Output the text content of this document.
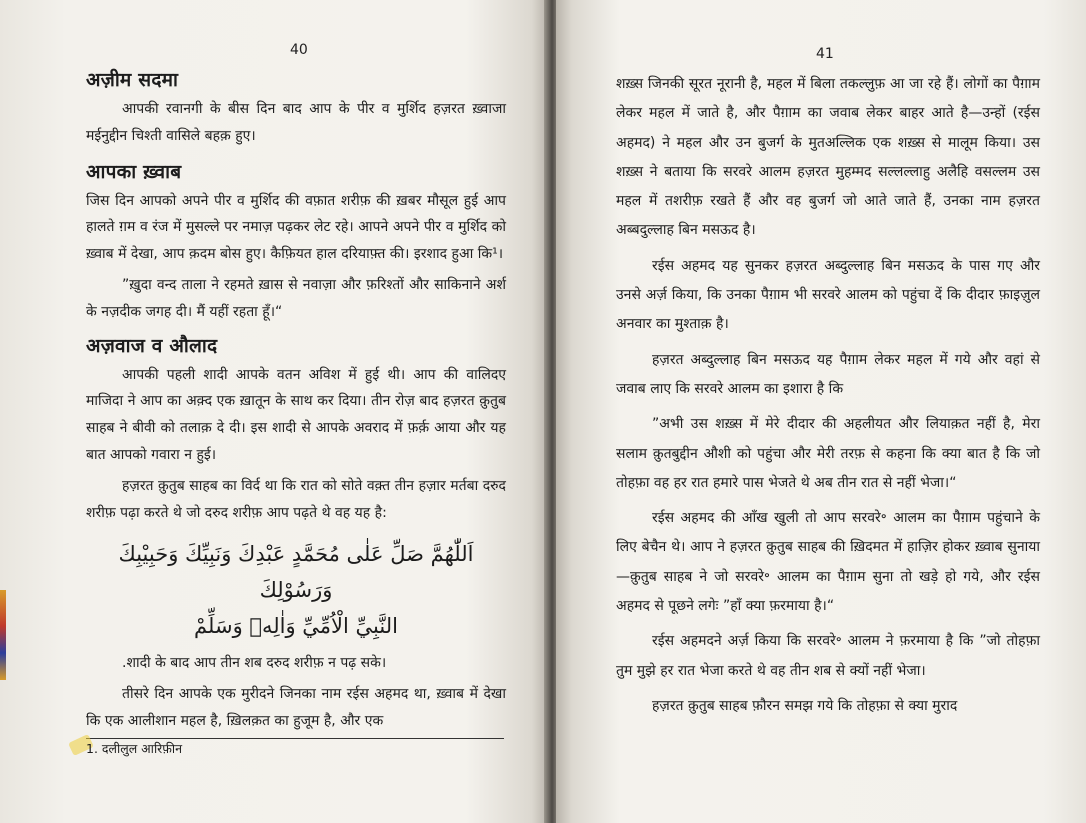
40
अज़ीम सदमा

आपकी रवानगी के बीस दिन बाद आप के पीर व मुर्शिद हज़रत ख़्वाजा मईनुद्दीन चिश्ती वासिले बहक़ हुए।

आपका ख़्वाब

जिस दिन आपको अपने पीर व मुर्शिद की वफ़ात शरीफ़ की ख़बर मौसूल हुई आप हालते ग़म व रंज में मुसल्ले पर नमाज़ पढ़कर लेट रहे। आपने अपने पीर व मुर्शिद को ख़्वाब में देखा, आप क़दम बोस हुए। कैफ़ियत हाल दरियाफ़्त की। इरशाद हुआ कि¹।

”ख़ुदा वन्द ताला ने रहमते ख़ास से नवाज़ा और फ़रिश्तों और साकिनाने अर्श के नज़दीक जगह दी। मैं यहीं रहता हूँ।“

अज़वाज व औलाद

आपकी पहली शादी आपके वतन अविश में हुई थी। आप की वालिदए माजिदा ने आप का अक़्द एक ख़ातून के साथ कर दिया। तीन रोज़ बाद हज़रत क़ुतुब साहब ने बीवी को तलाक़ दे दी। इस शादी से आपके अवराद में फ़र्क़ आया और यह बात आपको गवारा न हुई।

हज़रत क़ुतुब साहब का विर्द था कि रात को सोते वक़्त तीन हज़ार मर्तबा दरुद शरीफ़ पढ़ा करते थे जो दरुद शरीफ़ आप पढ़ते थे वह यह है:

اَللّٰهُمَّ صَلِّ عَلٰى مُحَمَّدٍ عَبْدِكَ وَنَبِيِّكَ وَحَبِيْبِكَ وَرَسُوْلِكَ
النَّبِيِّ الْاُمِّيِّ وَاٰلِهٖ وَسَلِّمْ

.शादी के बाद आप तीन शब दरुद शरीफ़ न पढ़ सके।

तीसरे दिन आपके एक मुरीदने जिनका नाम रईस अहमद था, ख़्वाब में देखा कि एक आलीशान महल है, ख़िलक़त का हुजूम है, और एक

1. दलीलुल आरिफ़ीन
41

शख़्स जिनकी सूरत नूरानी है, महल में बिला तकल्लुफ़ आ जा रहे हैं। लोगों का पैग़ाम लेकर महल में जाते है, और पैग़ाम का जवाब लेकर बाहर आते है—उन्हों (रईस अहमद) ने महल और उन बुजर्ग के मुतअल्लिक एक शख़्स से मालूम किया। उस शख़्स ने बताया कि सरवरे आलम हज़रत मुहम्मद सल्लल्लाहु अलैहि वसल्लम उस महल में तशरीफ़ रखते हैं और वह बुजर्ग जो आते जाते हैं, उनका नाम हज़रत अब्बदुल्लाह बिन मसऊद है।

रईस अहमद यह सुनकर हज़रत अब्दुल्लाह बिन मसऊद के पास गए और उनसे अर्ज़ किया, कि उनका पैग़ाम भी सरवरे आलम को पहुंचा दें कि दीदार फ़ाइज़ुल अनवार का मुश्ताक़ है।

हज़रत अब्दुल्लाह बिन मसऊद यह पैग़ाम लेकर महल में गये और वहां से जवाब लाए कि सरवरे आलम का इशारा है कि

”अभी उस शख़्स में मेरे दीदार की अहलीयत और लियाक़त नहीं है, मेरा सलाम क़ुतबुद्दीन औशी को पहुंचा और मेरी तरफ़ से कहना कि क्या बात है कि जो तोहफ़ा वह हर रात हमारे पास भेजते थे अब तीन रात से नहीं भेजा।“

रईस अहमद की आँख खुली तो आप सरवरे॰ आलम का पैग़ाम पहुंचाने के लिए बेचैन थे। आप ने हज़रत क़ुतुब साहब की ख़िदमत में हाज़िर होकर ख़्वाब सुनाया—क़ुतुब साहब ने जो सरवरे॰ आलम का पैग़ाम सुना तो खड़े हो गये, और रईस अहमद से पूछने लगेः ”हाँ क्या फ़रमाया है।“

रईस अहमदने अर्ज़ किया कि सरवरे॰ आलम ने फ़रमाया है कि ”जो तोहफ़ा तुम मुझे हर रात भेजा करते थे वह तीन शब से क्यों नहीं भेजा।

हज़रत क़ुतुब साहब फ़ौरन समझ गये कि तोहफ़ा से क्या मुराद
